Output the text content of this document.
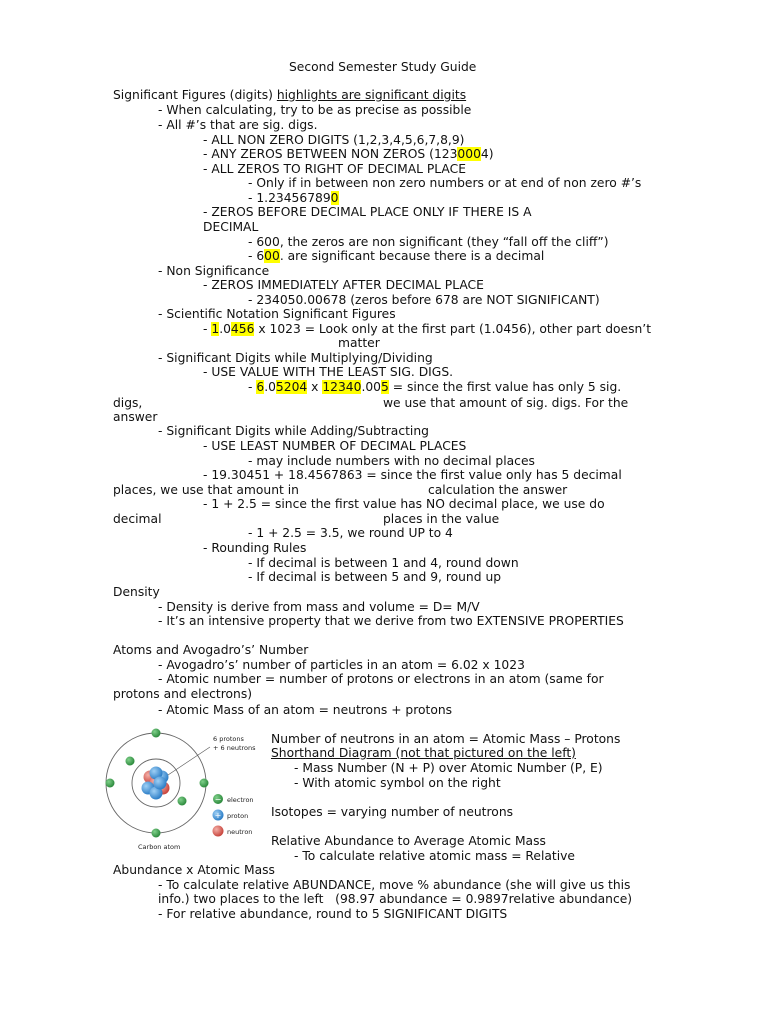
Second Semester Study Guide
Significant Figures (digits) highlights are significant digits
- When calculating, try to be as precise as possible
- All #’s that are sig. digs.
- ALL NON ZERO DIGITS (1,2,3,4,5,6,7,8,9)
- ANY ZEROS BETWEEN NON ZEROS (1230004)
- ALL ZEROS TO RIGHT OF DECIMAL PLACE
- Only if in between non zero numbers or at end of non zero #’s
- 1.234567890
- ZEROS BEFORE DECIMAL PLACE ONLY IF THERE IS A
DECIMAL
- 600, the zeros are non significant (they “fall off the cliff”)
- 600. are significant because there is a decimal
- Non Significance
- ZEROS IMMEDIATELY AFTER DECIMAL PLACE
- 234050.00678 (zeros before 678 are NOT SIGNIFICANT)
- Scientific Notation Significant Figures
- 1.0456 x 1023 = Look only at the first part (1.0456), other part doesn’t
matter
- Significant Digits while Multiplying/Dividing
- USE VALUE WITH THE LEAST SIG. DIGS.
- 6.05204 x 12340.005 = since the first value has only 5 sig.
digs,	we use that amount of sig. digs. For the
answer
- Significant Digits while Adding/Subtracting
- USE LEAST NUMBER OF DECIMAL PLACES
- may include numbers with no decimal places
- 19.30451 + 18.4567863 = since the first value only has 5 decimal
places, we use that amount in	calculation the answer
- 1 + 2.5 = since the first value has NO decimal place, we use do
decimal	places in the value
- 1 + 2.5 = 3.5, we round UP to 4
- Rounding Rules
- If decimal is between 1 and 4, round down
- If decimal is between 5 and 9, round up
Density
- Density is derive from mass and volume = D= M/V
- It’s an intensive property that we derive from two EXTENSIVE PROPERTIES
Atoms and Avogadro’s’ Number
- Avogadro’s’ number of particles in an atom = 6.02 x 1023
- Atomic number = number of protons or electrons in an atom (same for
protons and electrons)
- Atomic Mass of an atom = neutrons + protons
Number of neutrons in an atom = Atomic Mass – Protons
Shorthand Diagram (not that pictured on the left)
- Mass Number (N + P) over Atomic Number (P, E)
- With atomic symbol on the right
Isotopes = varying number of neutrons
Relative Abundance to Average Atomic Mass
- To calculate relative atomic mass = Relative
Abundance x Atomic Mass
- To calculate relative ABUNDANCE, move % abundance (she will give us this
info.) two places to the left   (98.97 abundance = 0.9897relative abundance)
- For relative abundance, round to 5 SIGNIFICANT DIGITS
6 protons
+ 6 neutrons
− electron
+ proton
neutron
Carbon atom
